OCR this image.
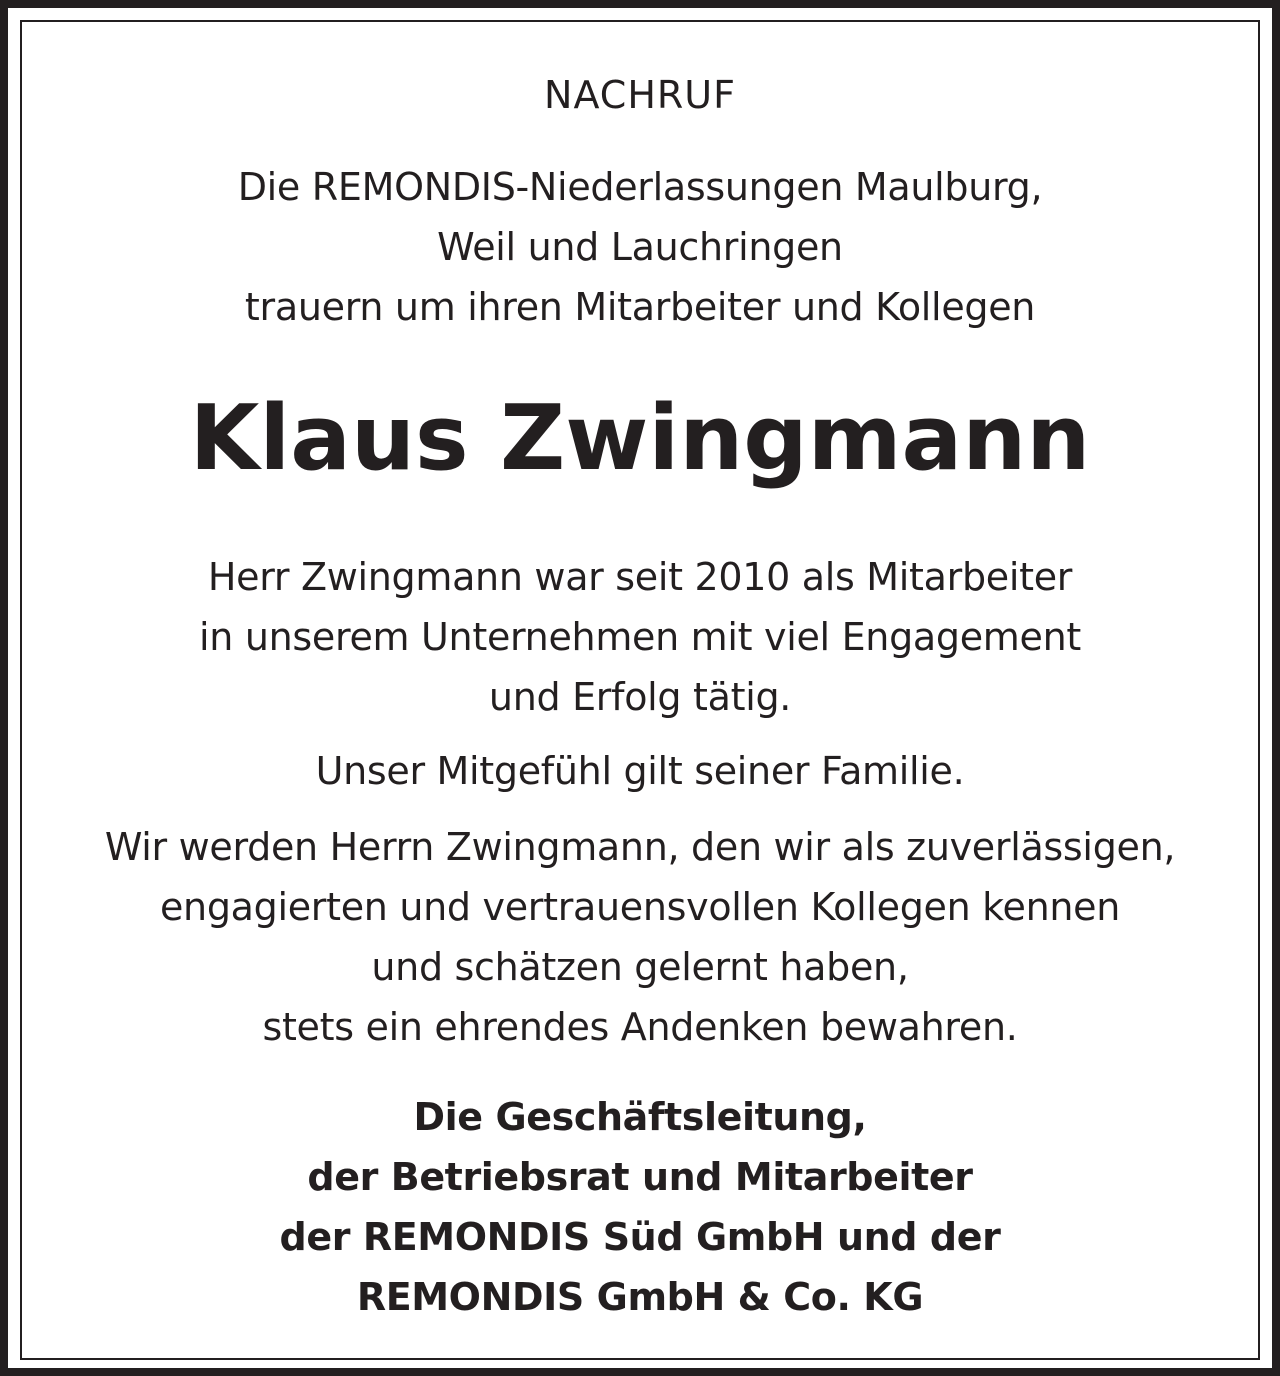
NACHRUF
Die REMONDIS-Niederlassungen Maulburg,
Weil und Lauchringen
trauern um ihren Mitarbeiter und Kollegen
Klaus Zwingmann
Herr Zwingmann war seit 2010 als Mitarbeiter
in unserem Unternehmen mit viel Engagement
und Erfolg tätig.
Unser Mitgefühl gilt seiner Familie.
Wir werden Herrn Zwingmann, den wir als zuverlässigen,
engagierten und vertrauensvollen Kollegen kennen
und schätzen gelernt haben,
stets ein ehrendes Andenken bewahren.
Die Geschäftsleitung,
der Betriebsrat und Mitarbeiter
der REMONDIS Süd GmbH und der
REMONDIS GmbH & Co. KG
